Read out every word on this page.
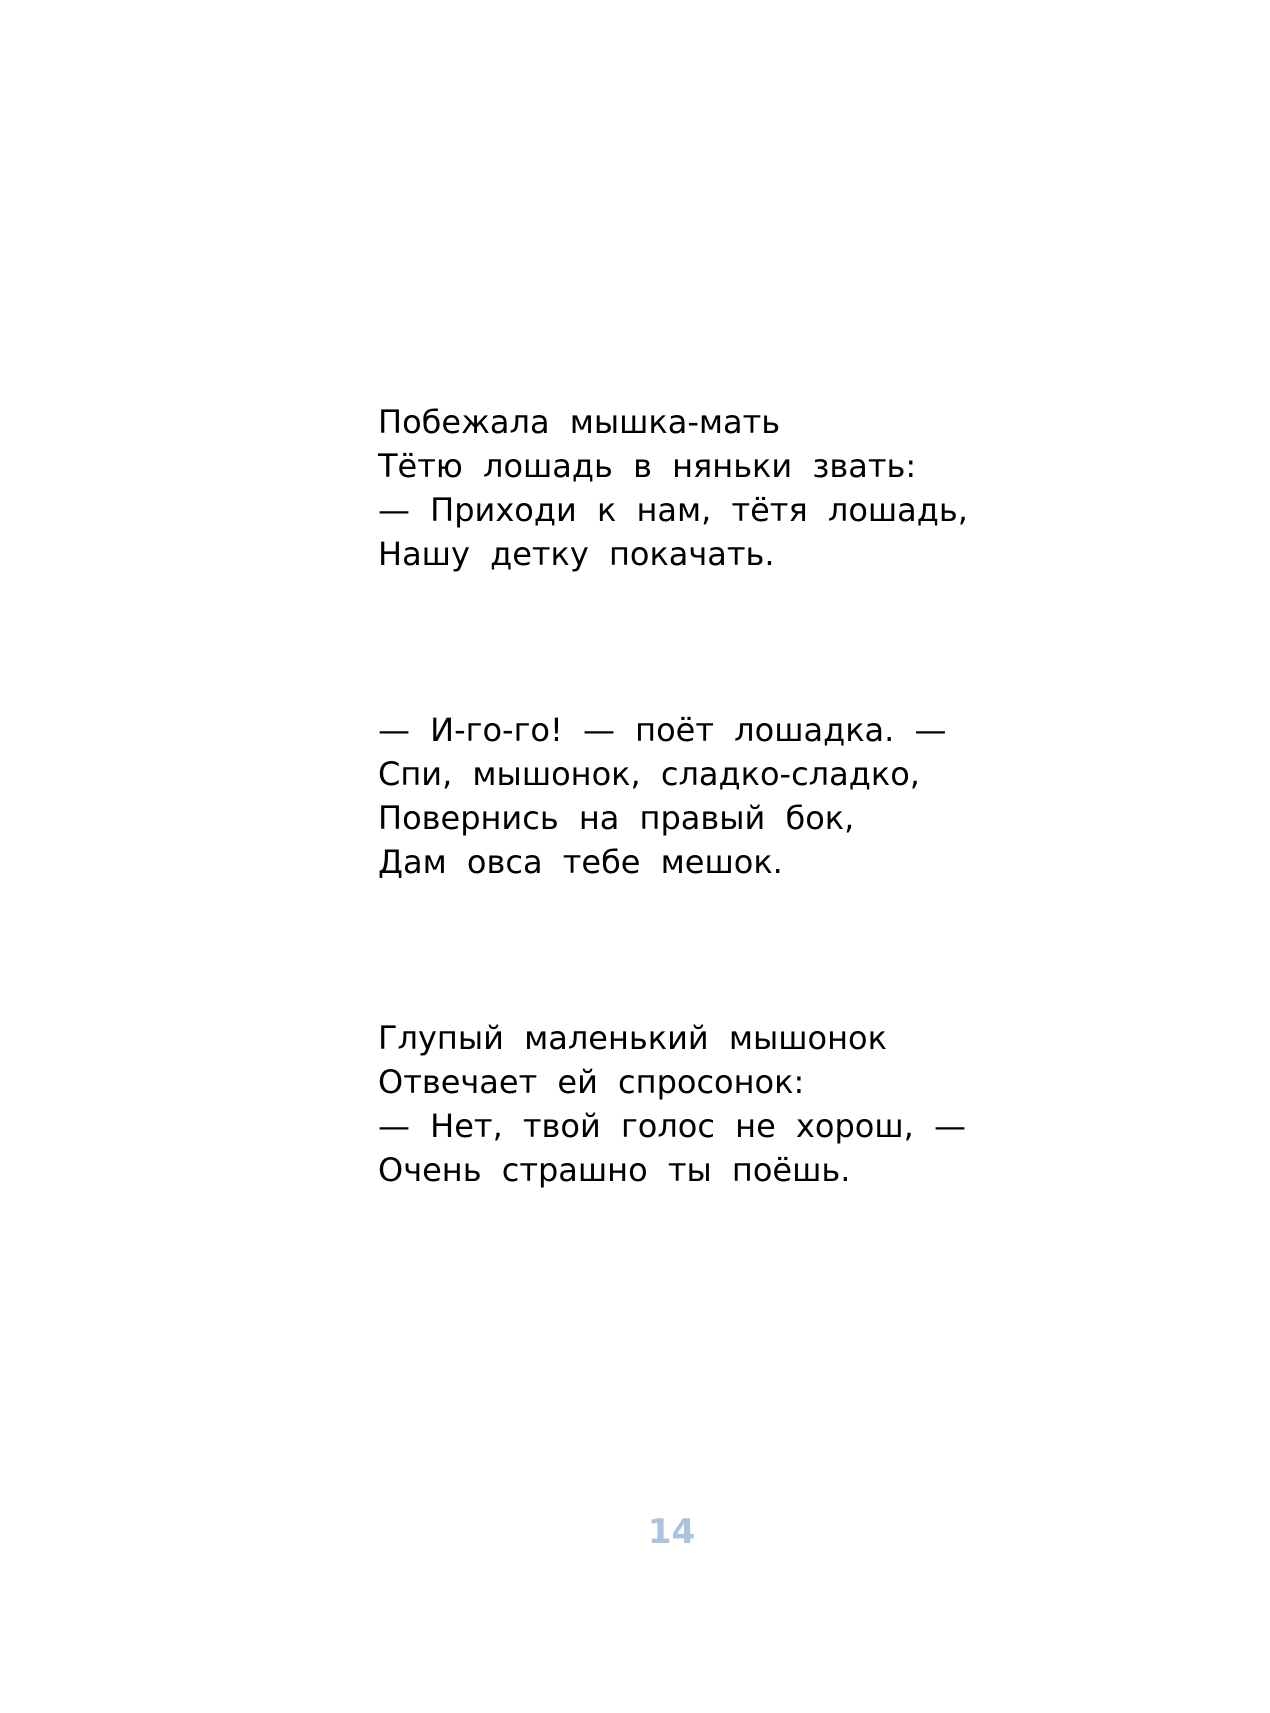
Побежала мышка-мать
Тётю лошадь в няньки звать:
— Приходи к нам, тётя лошадь,
Нашу детку покачать.
— И-го-го! — поёт лошадка. —
Спи, мышонок, сладко-сладко,
Повернись на правый бок,
Дам овса тебе мешок.
Глупый маленький мышонок
Отвечает ей спросонок:
— Нет, твой голос не хорош, —
Очень страшно ты поёшь.
14
